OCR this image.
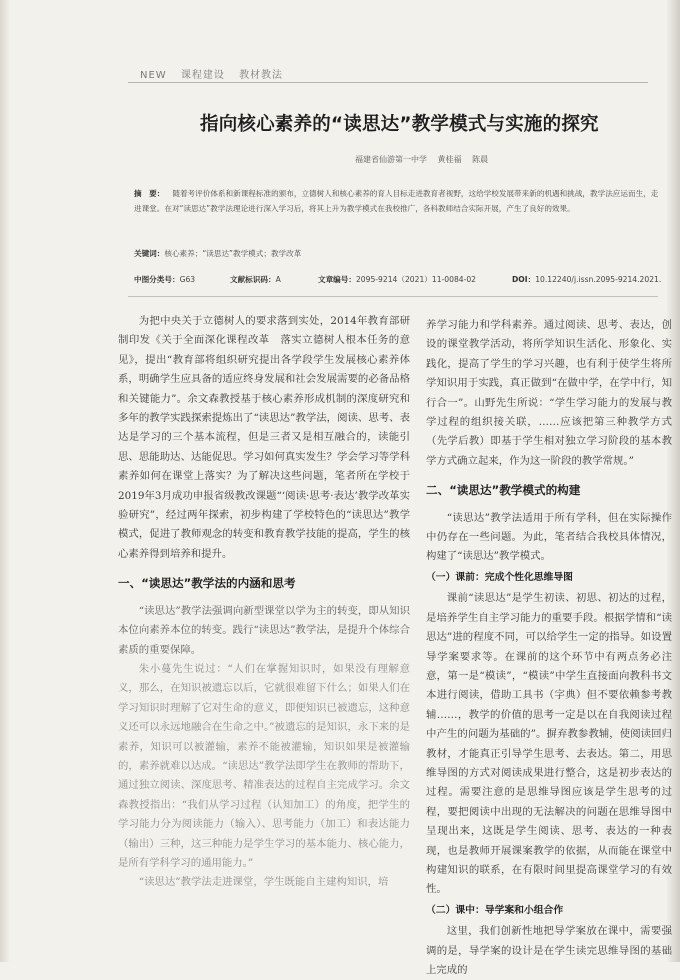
NEW 课程建设 教材教法
指向核心素养的“读思达”教学模式与实施的探究
福建省仙游第一中学 黄桂福 陈晨
摘　要： 随着考评价体系和新课程标准的颁布，立德树人和核心素养的育人目标走进教育者视野，这给学校发展带来新的机遇和挑战，教学法应运而生，走进课堂。在对“读思达”教学法理论进行深入学习后，将其上升为教学模式在我校推广，各科教师结合实际开展，产生了良好的效果。
关键词：核心素养；“读思达”教学模式；教学改革
中图分类号：G63	文献标识码：A	文章编号：2095-9214（2021）11-0084-02	DOI：10.12240/j.issn.2095-9214.2021.

为把中央关于立德树人的要求落到实处，2014年教育部研制印发《关于全面深化课程改革　落实立德树人根本任务的意见》，提出“教育部将组织研究提出各学段学生发展核心素养体系，明确学生应具备的适应终身发展和社会发展需要的必备品格和关键能力”。余文森教授基于核心素养形成机制的深度研究和多年的教学实践探索提炼出了“读思达”教学法，阅读、思考、表达是学习的三个基本流程，但是三者又是相互融合的，读能引思、思能助达、达能促思。学习如何真实发生？学会学习等学科素养如何在课堂上落实？为了解决这些问题，笔者所在学校于2019年3月成功申报省级教改课题“‘阅读·思考·表达’教学改革实验研究”，经过两年探索，初步构建了学校特色的“读思达”教学模式，促进了教师观念的转变和教育教学技能的提高，学生的核心素养得到培养和提升。

一、“读思达”教学法的内涵和思考

“读思达”教学法强调向新型课堂以学为主的转变，即从知识本位向素养本位的转变。践行“读思达”教学法，是提升个体综合素质的重要保障。

朱小蔓先生说过：“人们在掌握知识时，如果没有理解意义，那么，在知识被遗忘以后，它就很难留下什么；如果人们在学习知识时理解了它对生命的意义，即便知识已被遗忘，这种意义还可以永远地融合在生命之中。”被遗忘的是知识，永下来的是素养，知识可以被灌输，素养不能被灌输，知识如果是被灌输的，素养就难以达成。“读思达”教学法即学生在教师的帮助下，通过独立阅读、深度思考、精准表达的过程自主完成学习。余文森教授指出：“我们从学习过程（认知加工）的角度，把学生的学习能力分为阅读能力（输入）、思考能力（加工）和表达能力（输出）三种，这三种能力是学生学习的基本能力、核心能力，是所有学科学习的通用能力。”

“读思达”教学法走进课堂，学生既能自主建构知识，培

养学习能力和学科素养。通过阅读、思考、表达，创设的课堂教学活动，将所学知识生活化、形象化、实践化，提高了学生的学习兴趣，也有利于使学生将所学知识用于实践，真正做到“在做中学，在学中行，知行合一”。山野先生所说：“学生学习能力的发展与教学过程的组织接关联，……应该把第三种教学方式（先学后教）即基于学生相对独立学习阶段的基本教学方式确立起来，作为这一阶段的教学常规。”

二、“读思达”教学模式的构建

“读思达”教学法适用于所有学科，但在实际操作中仍存在一些问题。为此，笔者结合我校具体情况，构建了“读思达”教学模式。

（一）课前：完成个性化思维导图

课前“读思达”是学生初读、初思、初达的过程，是培养学生自主学习能力的重要手段。根据学情和“读思达”进的程度不同，可以给学生一定的指导。如设置导学案要求等。在课前的这个环节中有两点务必注意，第一是“模读”，“模读”中学生直接面向教科书文本进行阅读，借助工具书（字典）但不要依赖参考教辅……，教学的价值的思考一定是以在自我阅读过程中产生的问题为基础的”。摒弃教参教辅，使阅读回归教材，才能真正引导学生思考、去表达。第二，用思维导图的方式对阅读成果进行整合，这是初步表达的过程。需要注意的是思维导图应该是学生思考的过程，要把阅读中出现的无法解决的问题在思维导图中呈现出来，这既是学生阅读、思考、表达的一种表现，也是教师开展课案教学的依据，从而能在课堂中构建知识的联系，在有限时间里提高课堂学习的有效性。

（二）课中：导学案和小组合作

这里，我们创新性地把导学案放在课中，需要强调的是，导学案的设计是在学生读完思维导图的基础上完成的
